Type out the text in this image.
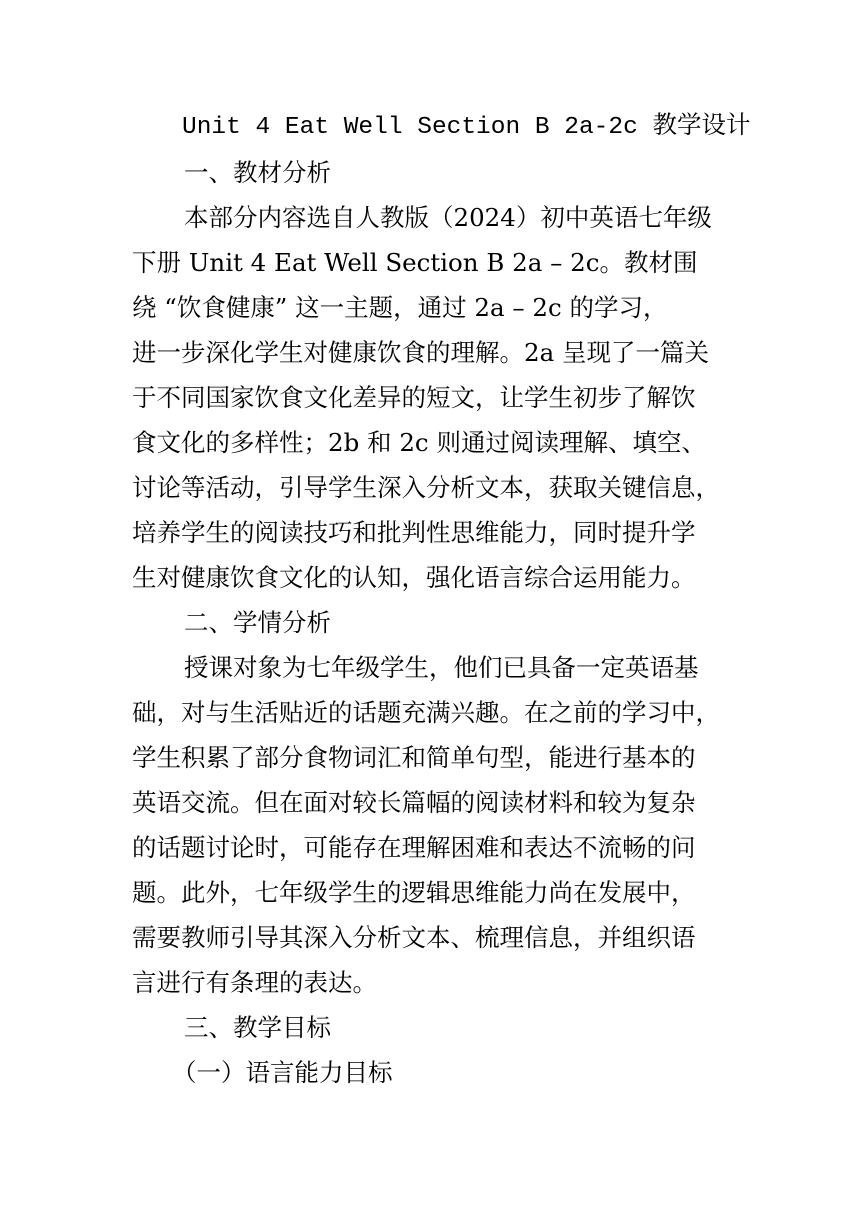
Unit 4 Eat Well Section B 2a-2c 教学设计
一、教材分析
本部分内容选自人教版（2024）初中英语七年级
下册 Unit 4 Eat Well Section B 2a – 2c。教材围
绕 “饮食健康” 这一主题，通过 2a – 2c 的学习，
进一步深化学生对健康饮食的理解。2a 呈现了一篇关
于不同国家饮食文化差异的短文，让学生初步了解饮
食文化的多样性；2b 和 2c 则通过阅读理解、填空、
讨论等活动，引导学生深入分析文本，获取关键信息，
培养学生的阅读技巧和批判性思维能力，同时提升学
生对健康饮食文化的认知，强化语言综合运用能力。
二、学情分析
授课对象为七年级学生，他们已具备一定英语基
础，对与生活贴近的话题充满兴趣。在之前的学习中，
学生积累了部分食物词汇和简单句型，能进行基本的
英语交流。但在面对较长篇幅的阅读材料和较为复杂
的话题讨论时，可能存在理解困难和表达不流畅的问
题。此外，七年级学生的逻辑思维能力尚在发展中，
需要教师引导其深入分析文本、梳理信息，并组织语
言进行有条理的表达。
三、教学目标
（一）语言能力目标
